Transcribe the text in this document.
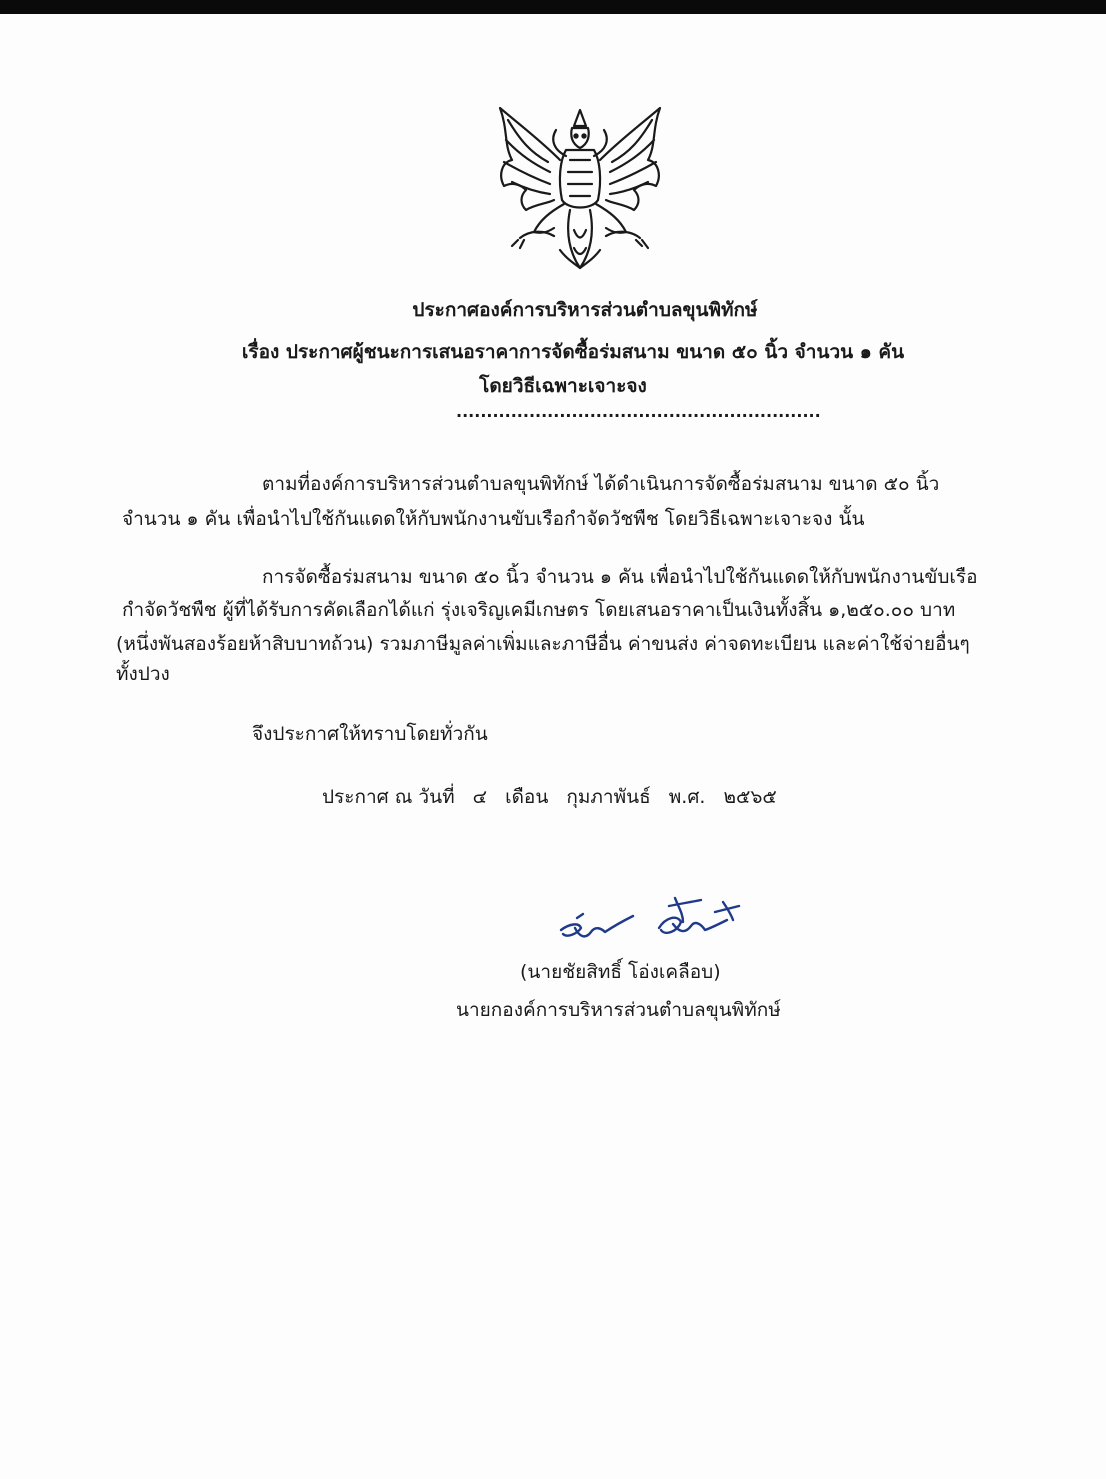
ประกาศองค์การบริหารส่วนตำบลขุนพิทักษ์
เรื่อง ประกาศผู้ชนะการเสนอราคาการจัดซื้อร่มสนาม ขนาด ๕๐ นิ้ว จำนวน ๑ คัน
โดยวิธีเฉพาะเจาะจง
............................................................
ตามที่องค์การบริหารส่วนตำบลขุนพิทักษ์ ได้ดำเนินการจัดซื้อร่มสนาม ขนาด ๕๐ นิ้ว
จำนวน ๑ คัน เพื่อนำไปใช้กันแดดให้กับพนักงานขับเรือกำจัดวัชพืช โดยวิธีเฉพาะเจาะจง นั้น
การจัดซื้อร่มสนาม ขนาด ๕๐ นิ้ว จำนวน ๑ คัน เพื่อนำไปใช้กันแดดให้กับพนักงานขับเรือ
กำจัดวัชพืช ผู้ที่ได้รับการคัดเลือกได้แก่ รุ่งเจริญเคมีเกษตร โดยเสนอราคาเป็นเงินทั้งสิ้น ๑,๒๕๐.๐๐ บาท
(หนึ่งพันสองร้อยห้าสิบบาทถ้วน) รวมภาษีมูลค่าเพิ่มและภาษีอื่น ค่าขนส่ง ค่าจดทะเบียน และค่าใช้จ่ายอื่นๆ
ทั้งปวง
จึงประกาศให้ทราบโดยทั่วกัน
ประกาศ ณ วันที่ ๔ เดือน กุมภาพันธ์ พ.ศ. ๒๕๖๕
(นายชัยสิทธิ์ โอ่งเคลือบ)
นายกองค์การบริหารส่วนตำบลขุนพิทักษ์
